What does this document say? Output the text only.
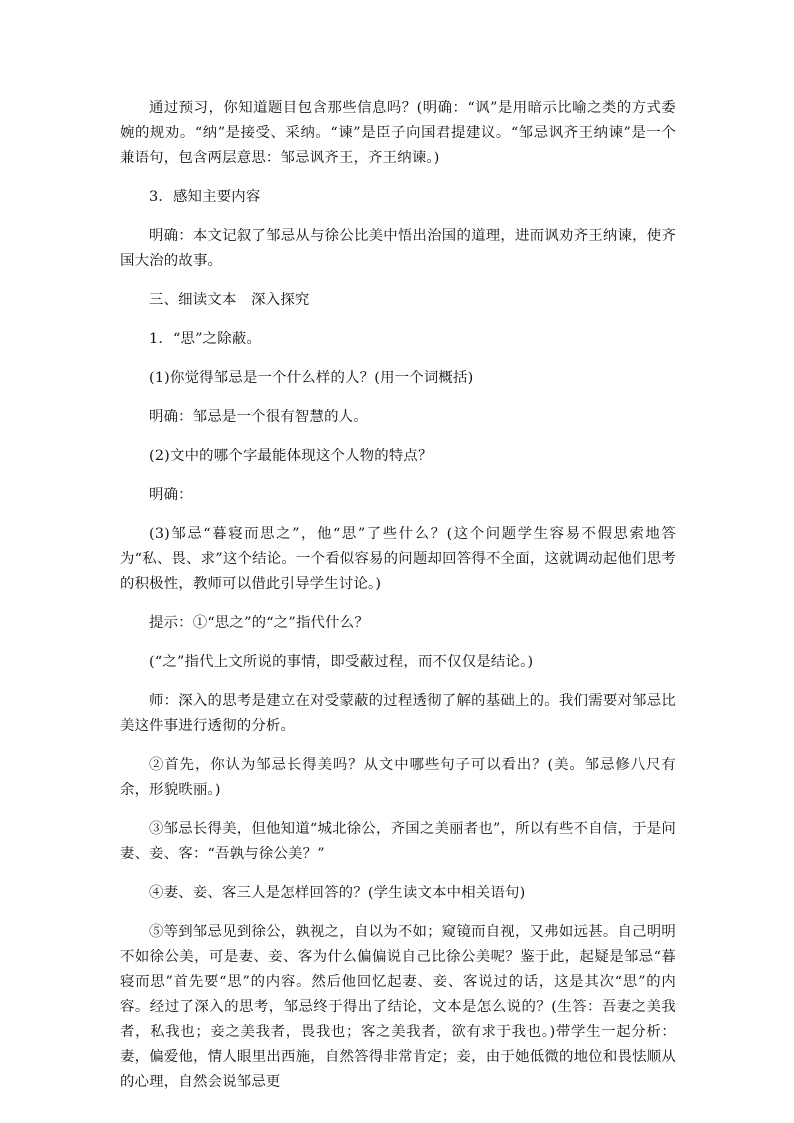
通过预习，你知道题目包含那些信息吗？(明确：“讽”是用暗示比喻之类的方式委婉的规劝。“纳”是接受、采纳。“谏”是臣子向国君提建议。“邹忌讽齐王纳谏”是一个兼语句，包含两层意思：邹忌讽齐王，齐王纳谏。)

3．感知主要内容

明确：本文记叙了邹忌从与徐公比美中悟出治国的道理，进而讽劝齐王纳谏，使齐国大治的故事。

三、细读文本　深入探究

1．“思”之除蔽。

(1)你觉得邹忌是一个什么样的人？(用一个词概括)

明确：邹忌是一个很有智慧的人。

(2)文中的哪个字最能体现这个人物的特点？

明确：

(3)邹忌“暮寝而思之”，他“思”了些什么？(这个问题学生容易不假思索地答为“私、畏、求”这个结论。一个看似容易的问题却回答得不全面，这就调动起他们思考的积极性，教师可以借此引导学生讨论。)

提示：①“思之”的“之”指代什么？

(“之”指代上文所说的事情，即受蔽过程，而不仅仅是结论。)

师：深入的思考是建立在对受蒙蔽的过程透彻了解的基础上的。我们需要对邹忌比美这件事进行透彻的分析。

②首先，你认为邹忌长得美吗？从文中哪些句子可以看出？(美。邹忌修八尺有余，形貌昳丽。)

③邹忌长得美，但他知道“城北徐公，齐国之美丽者也”，所以有些不自信，于是问妻、妾、客：“吾孰与徐公美？”

④妻、妾、客三人是怎样回答的？(学生读文本中相关语句)

⑤等到邹忌见到徐公，孰视之，自以为不如；窥镜而自视，又弗如远甚。自己明明不如徐公美，可是妻、妾、客为什么偏偏说自己比徐公美呢？鉴于此，起疑是邹忌“暮寝而思”首先要“思”的内容。然后他回忆起妻、妾、客说过的话，这是其次“思”的内容。经过了深入的思考，邹忌终于得出了结论，文本是怎么说的？(生答：吾妻之美我者，私我也；妾之美我者，畏我也；客之美我者，欲有求于我也。)带学生一起分析：妻，偏爱他，情人眼里出西施，自然答得非常肯定；妾，由于她低微的地位和畏怯顺从的心理，自然会说邹忌更
